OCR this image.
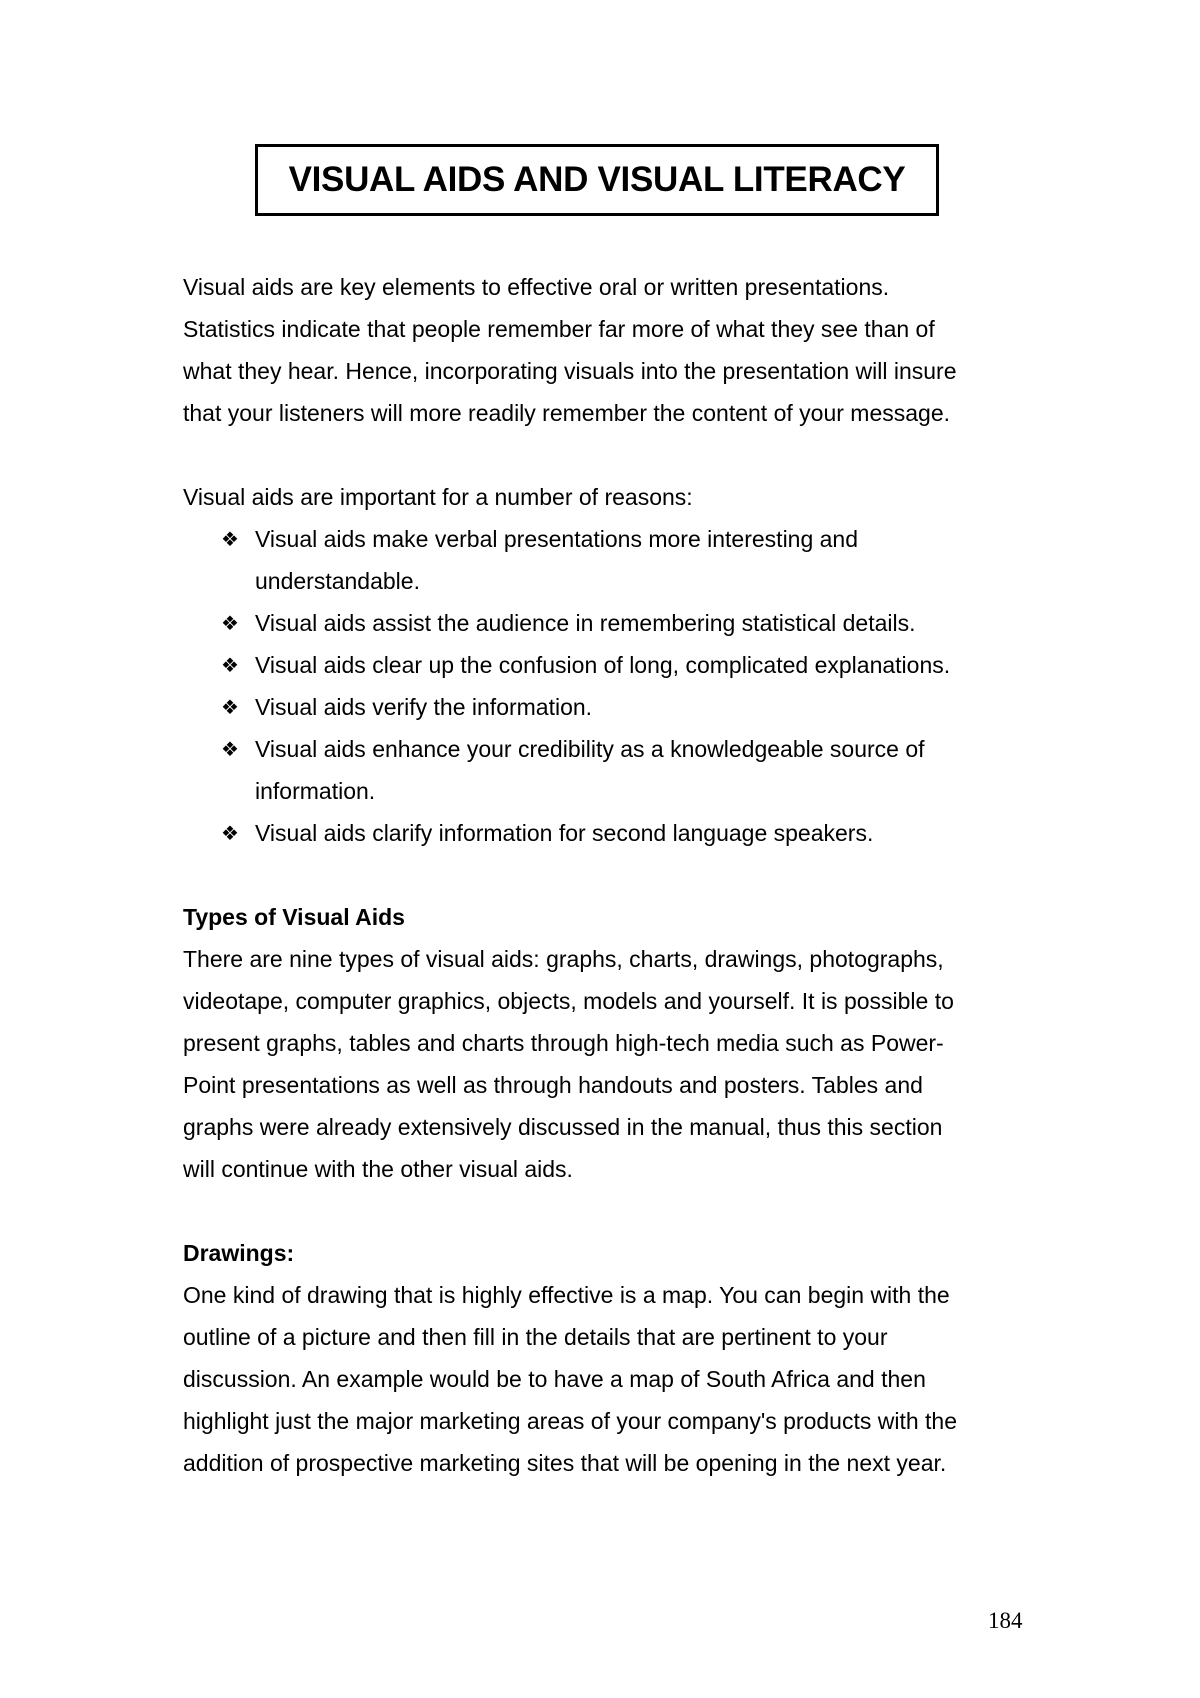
VISUAL AIDS AND VISUAL LITERACY

Visual aids are key elements to effective oral or written presentations.
Statistics indicate that people remember far more of what they see than of
what they hear. Hence, incorporating visuals into the presentation will insure
that your listeners will more readily remember the content of your message.

Visual aids are important for a number of reasons:
❖ Visual aids make verbal presentations more interesting and
understandable.
❖ Visual aids assist the audience in remembering statistical details.
❖ Visual aids clear up the confusion of long, complicated explanations.
❖ Visual aids verify the information.
❖ Visual aids enhance your credibility as a knowledgeable source of
information.
❖ Visual aids clarify information for second language speakers.
Types of Visual Aids

There are nine types of visual aids: graphs, charts, drawings, photographs,
videotape, computer graphics, objects, models and yourself. It is possible to
present graphs, tables and charts through high-tech media such as Power-
Point presentations as well as through handouts and posters. Tables and
graphs were already extensively discussed in the manual, thus this section
will continue with the other visual aids.

Drawings:

One kind of drawing that is highly effective is a map. You can begin with the
outline of a picture and then fill in the details that are pertinent to your
discussion. An example would be to have a map of South Africa and then
highlight just the major marketing areas of your company's products with the
addition of prospective marketing sites that will be opening in the next year.

184
